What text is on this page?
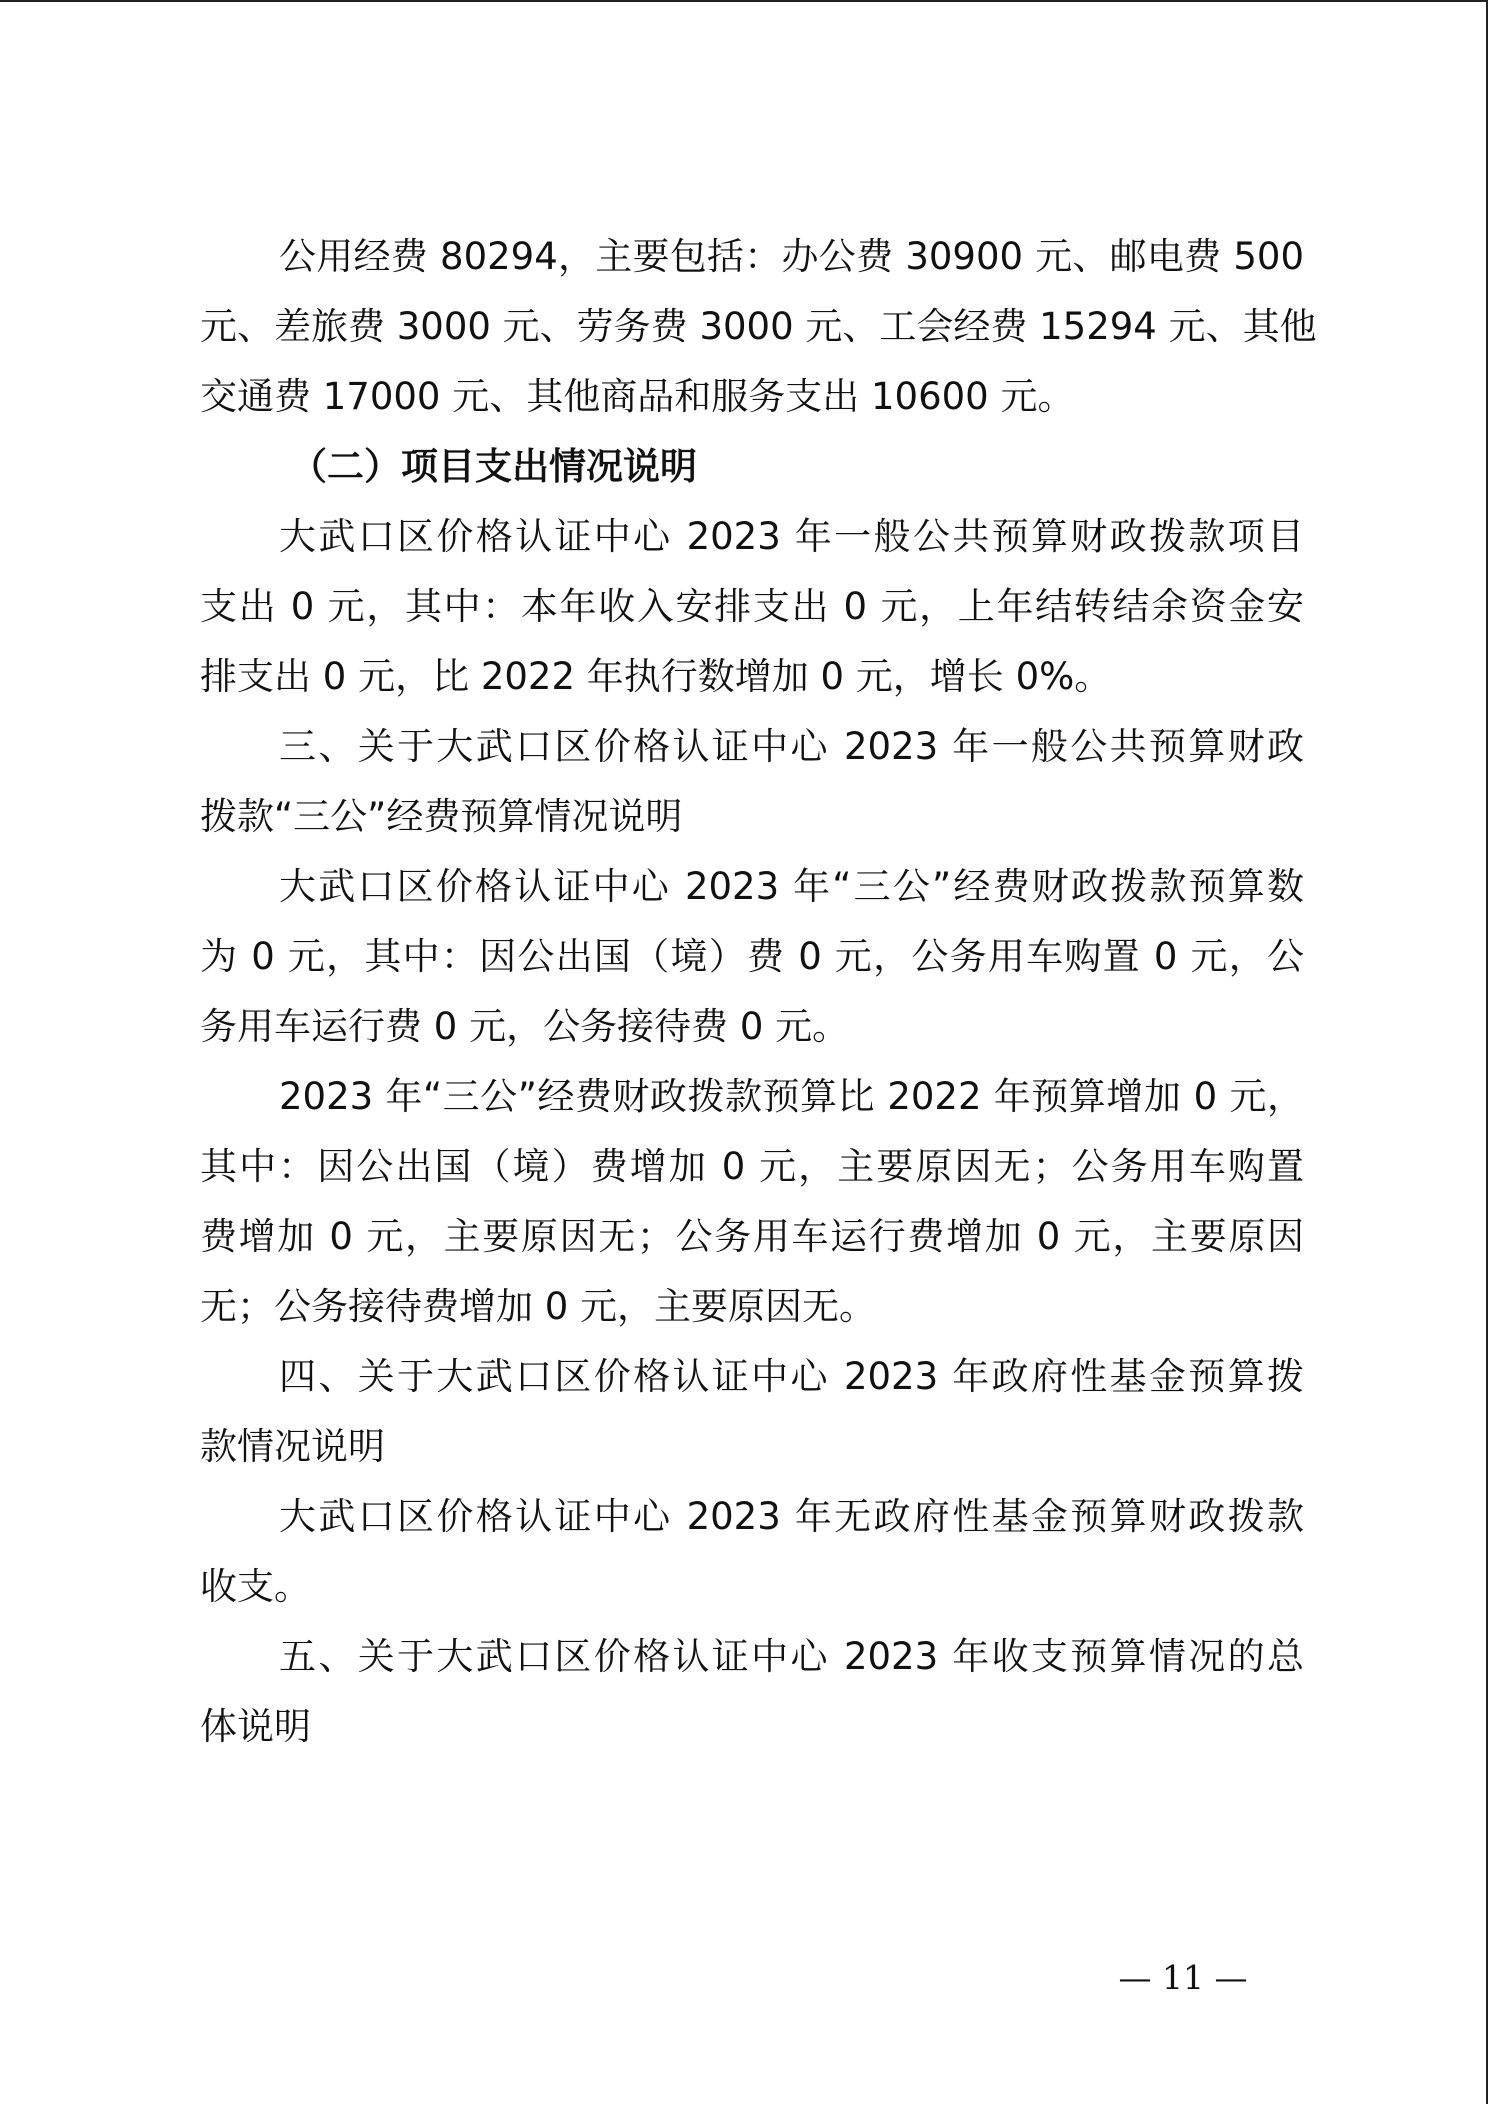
公用经费 80294，主要包括：办公费 30900 元、邮电费 500
元、差旅费 3000 元、劳务费 3000 元、工会经费 15294 元、其他
交通费 17000 元、其他商品和服务支出 10600 元。
（二）项目支出情况说明
大武口区价格认证中心 2023 年一般公共预算财政拨款项目
支出 0 元，其中：本年收入安排支出 0 元，上年结转结余资金安
排支出 0 元，比 2022 年执行数增加 0 元，增长 0%。
三、关于大武口区价格认证中心 2023 年一般公共预算财政
拨款“三公”经费预算情况说明
大武口区价格认证中心 2023 年“三公”经费财政拨款预算数
为 0 元，其中：因公出国（境）费 0 元，公务用车购置 0 元，公
务用车运行费 0 元，公务接待费 0 元。
2023 年“三公”经费财政拨款预算比 2022 年预算增加 0 元，
其中：因公出国（境）费增加 0 元，主要原因无；公务用车购置
费增加 0 元，主要原因无；公务用车运行费增加 0 元，主要原因
无；公务接待费增加 0 元，主要原因无。
四、关于大武口区价格认证中心 2023 年政府性基金预算拨
款情况说明
大武口区价格认证中心 2023 年无政府性基金预算财政拨款
收支。
五、关于大武口区价格认证中心 2023 年收支预算情况的总
体说明
— 11 —
